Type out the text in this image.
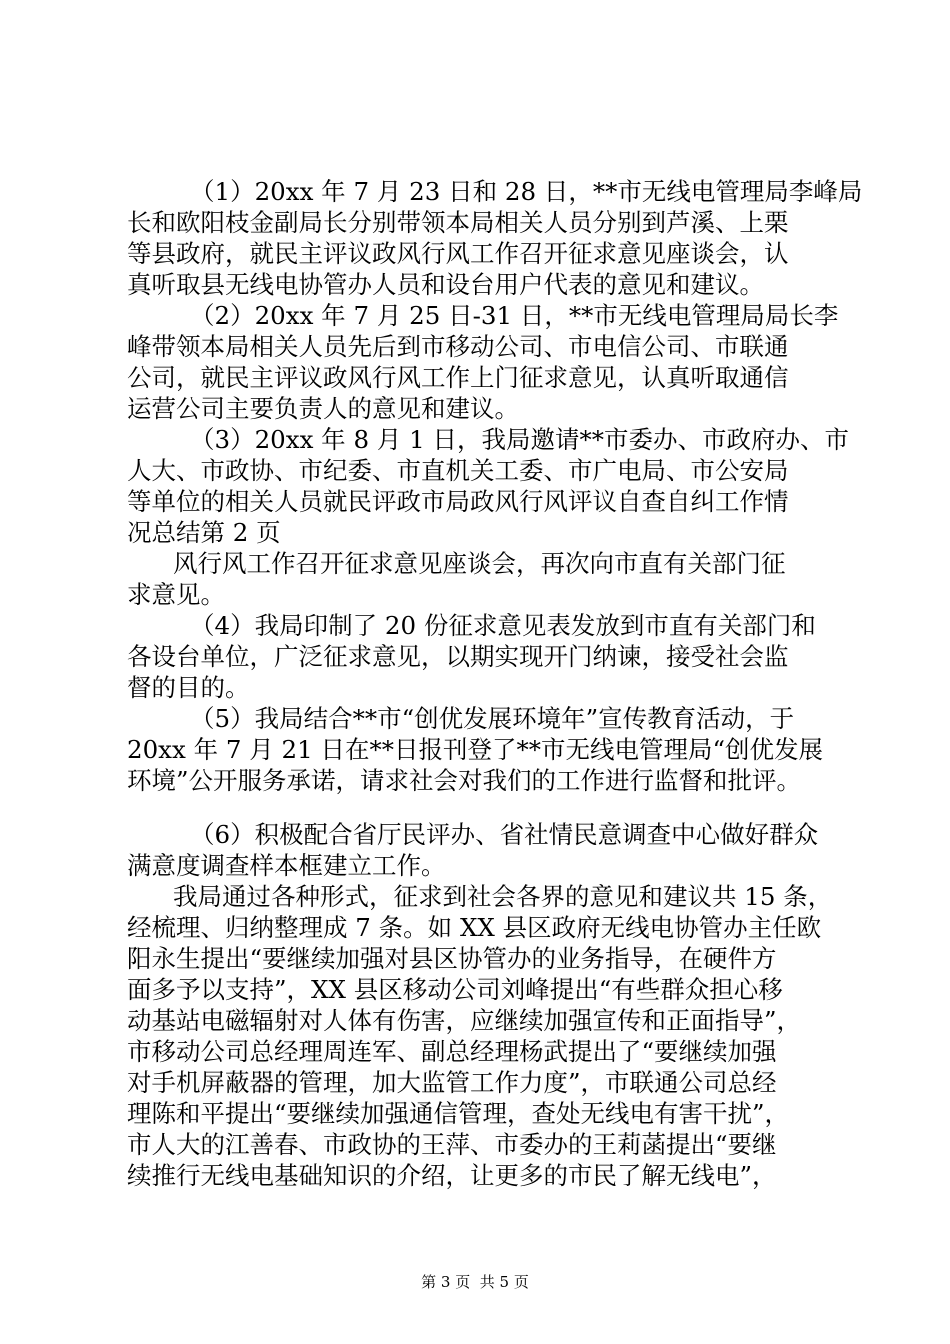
（1）20xx 年 7 月 23 日和 28 日，**市无线电管理局李峰局
长和欧阳枝金副局长分别带领本局相关人员分别到芦溪、上栗
等县政府，就民主评议政风行风工作召开征求意见座谈会，认
真听取县无线电协管办人员和设台用户代表的意见和建议。
（2）20xx 年 7 月 25 日-31 日，**市无线电管理局局长李
峰带领本局相关人员先后到市移动公司、市电信公司、市联通
公司，就民主评议政风行风工作上门征求意见，认真听取通信
运营公司主要负责人的意见和建议。
（3）20xx 年 8 月 1 日，我局邀请**市委办、市政府办、市
人大、市政协、市纪委、市直机关工委、市广电局、市公安局
等单位的相关人员就民评政市局政风行风评议自查自纠工作情
况总结第 2 页
风行风工作召开征求意见座谈会，再次向市直有关部门征
求意见。
（4）我局印制了 20 份征求意见表发放到市直有关部门和
各设台单位，广泛征求意见，以期实现开门纳谏，接受社会监
督的目的。
（5）我局结合**市“创优发展环境年”宣传教育活动，于
20xx 年 7 月 21 日在**日报刊登了**市无线电管理局“创优发展
环境”公开服务承诺，请求社会对我们的工作进行监督和批评。
（6）积极配合省厅民评办、省社情民意调查中心做好群众
满意度调查样本框建立工作。
我局通过各种形式，征求到社会各界的意见和建议共 15 条，
经梳理、归纳整理成 7 条。如 XX 县区政府无线电协管办主任欧
阳永生提出“要继续加强对县区协管办的业务指导，在硬件方
面多予以支持”，XX 县区移动公司刘峰提出“有些群众担心移
动基站电磁辐射对人体有伤害，应继续加强宣传和正面指导”，
市移动公司总经理周连军、副总经理杨武提出了“要继续加强
对手机屏蔽器的管理，加大监管工作力度”，市联通公司总经
理陈和平提出“要继续加强通信管理，查处无线电有害干扰”，
市人大的江善春、市政协的王萍、市委办的王莉菡提出“要继
续推行无线电基础知识的介绍，让更多的市民了解无线电”，
第 3 页  共 5 页
